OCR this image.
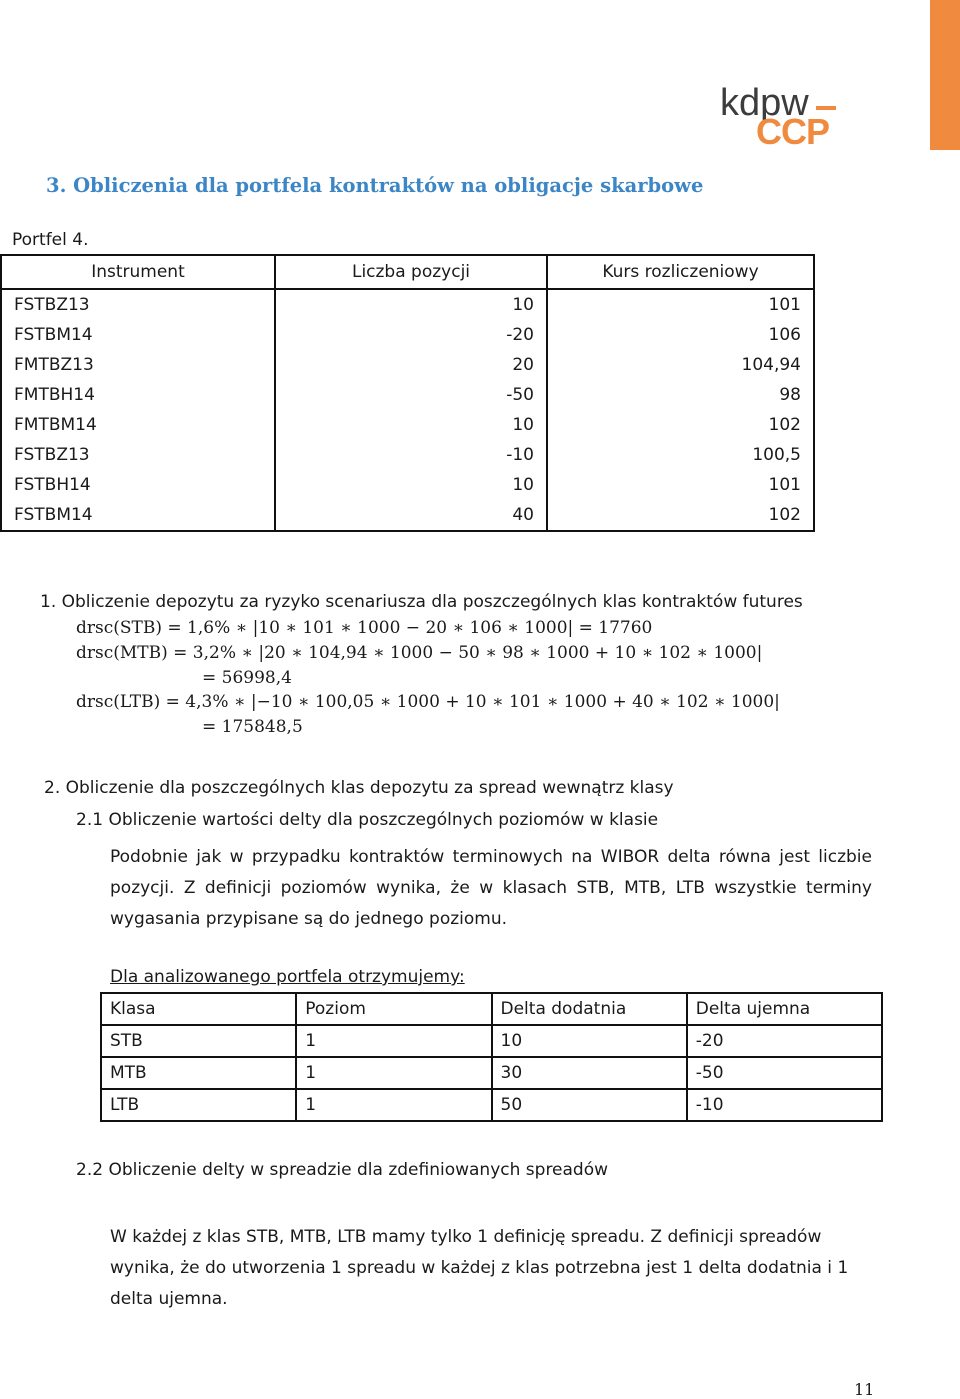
kdpw
CCP
3. Obliczenia dla portfela kontraktów na obligacje skarbowe
Portfel 4.
Instrument	Liczba pozycji	Kurs rozliczeniowy
FSTBZ13	10	101
FSTBM14	-20	106
FMTBZ13	20	104,94
FMTBH14	-50	98
FMTBM14	10	102
FSTBZ13	-10	100,5
FSTBH14	10	101
FSTBM14	40	102
1. Obliczenie depozytu za ryzyko scenariusza dla poszczególnych klas kontraktów futures
drsc(STB) = 1,6% ∗ |10 ∗ 101 ∗ 1000 − 20 ∗ 106 ∗ 1000| = 17760
drsc(MTB) = 3,2% ∗ |20 ∗ 104,94 ∗ 1000 − 50 ∗ 98 ∗ 1000 + 10 ∗ 102 ∗ 1000|
= 56998,4
drsc(LTB) = 4,3% ∗ |−10 ∗ 100,05 ∗ 1000 + 10 ∗ 101 ∗ 1000 + 40 ∗ 102 ∗ 1000|
= 175848,5
2. Obliczenie dla poszczególnych klas depozytu za spread wewnątrz klasy
2.1 Obliczenie wartości delty dla poszczególnych poziomów w klasie
Podobnie jak w przypadku kontraktów terminowych na WIBOR delta równa jest liczbie pozycji. Z definicji poziomów wynika, że w klasach STB, MTB, LTB wszystkie terminy wygasania przypisane są do jednego poziomu.
Dla analizowanego portfela otrzymujemy:
Klasa	Poziom	Delta dodatnia	Delta ujemna
STB	1	10	-20
MTB	1	30	-50
LTB	1	50	-10
2.2 Obliczenie delty w spreadzie dla zdefiniowanych spreadów
W każdej z klas STB, MTB, LTB mamy tylko 1 definicję spreadu. Z definicji spreadów wynika, że do utworzenia 1 spreadu w każdej z klas potrzebna jest 1 delta dodatnia i 1 delta ujemna.
11
